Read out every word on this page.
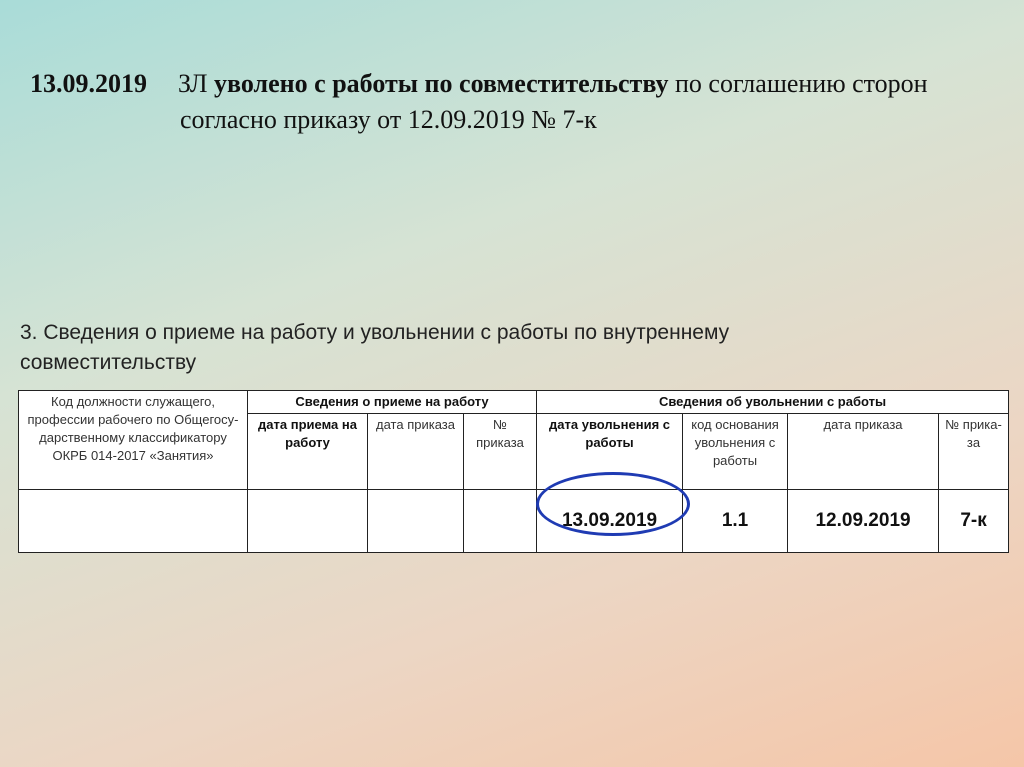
13.09.2019 ЗЛ уволено с работы по совместительству по соглашению сторон
согласно приказу от 12.09.2019 № 7-к
3. Сведения о приеме на работу и увольнении с работы по внутреннему
совместительству
Код должности служащего, профессии рабочего по Общегосу-дарственному классификатору ОКРБ 014-2017 «Занятия»	Сведения о приеме на работу			Сведения об увольнении с работы			
	дата приема на работу	дата приказа	№ приказа	дата увольнения с работы	код основания увольнения с работы	дата приказа	№ прика-за
				13.09.2019	1.1	12.09.2019	7-к
